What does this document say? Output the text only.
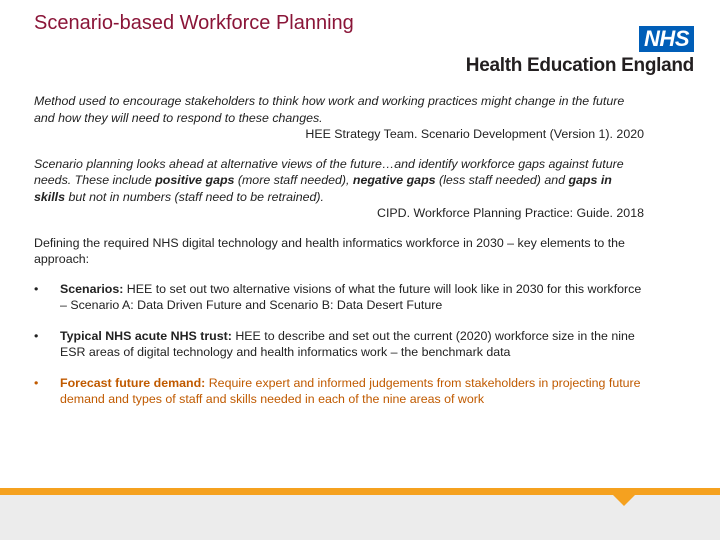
Scenario-based Workforce Planning
NHS
Health Education England
Method used to encourage stakeholders to think how work and working practices might change in the future and how they will need to respond to these changes.
HEE Strategy Team. Scenario Development (Version 1). 2020
Scenario planning looks ahead at alternative views of the future…and identify workforce gaps against future needs. These include positive gaps (more staff needed), negative gaps (less staff needed) and gaps in skills but not in numbers (staff need to be retrained).
CIPD. Workforce Planning Practice: Guide. 2018
Defining the required NHS digital technology and health informatics workforce in 2030 – key elements to the approach:
• Scenarios: HEE to set out two alternative visions of what the future will look like in 2030 for this workforce – Scenario A: Data Driven Future and Scenario B: Data Desert Future
• Typical NHS acute NHS trust: HEE to describe and set out the current (2020) workforce size in the nine ESR areas of digital technology and health informatics work – the benchmark data
• Forecast future demand: Require expert and informed judgements from stakeholders in projecting future demand and types of staff and skills needed in each of the nine areas of work
